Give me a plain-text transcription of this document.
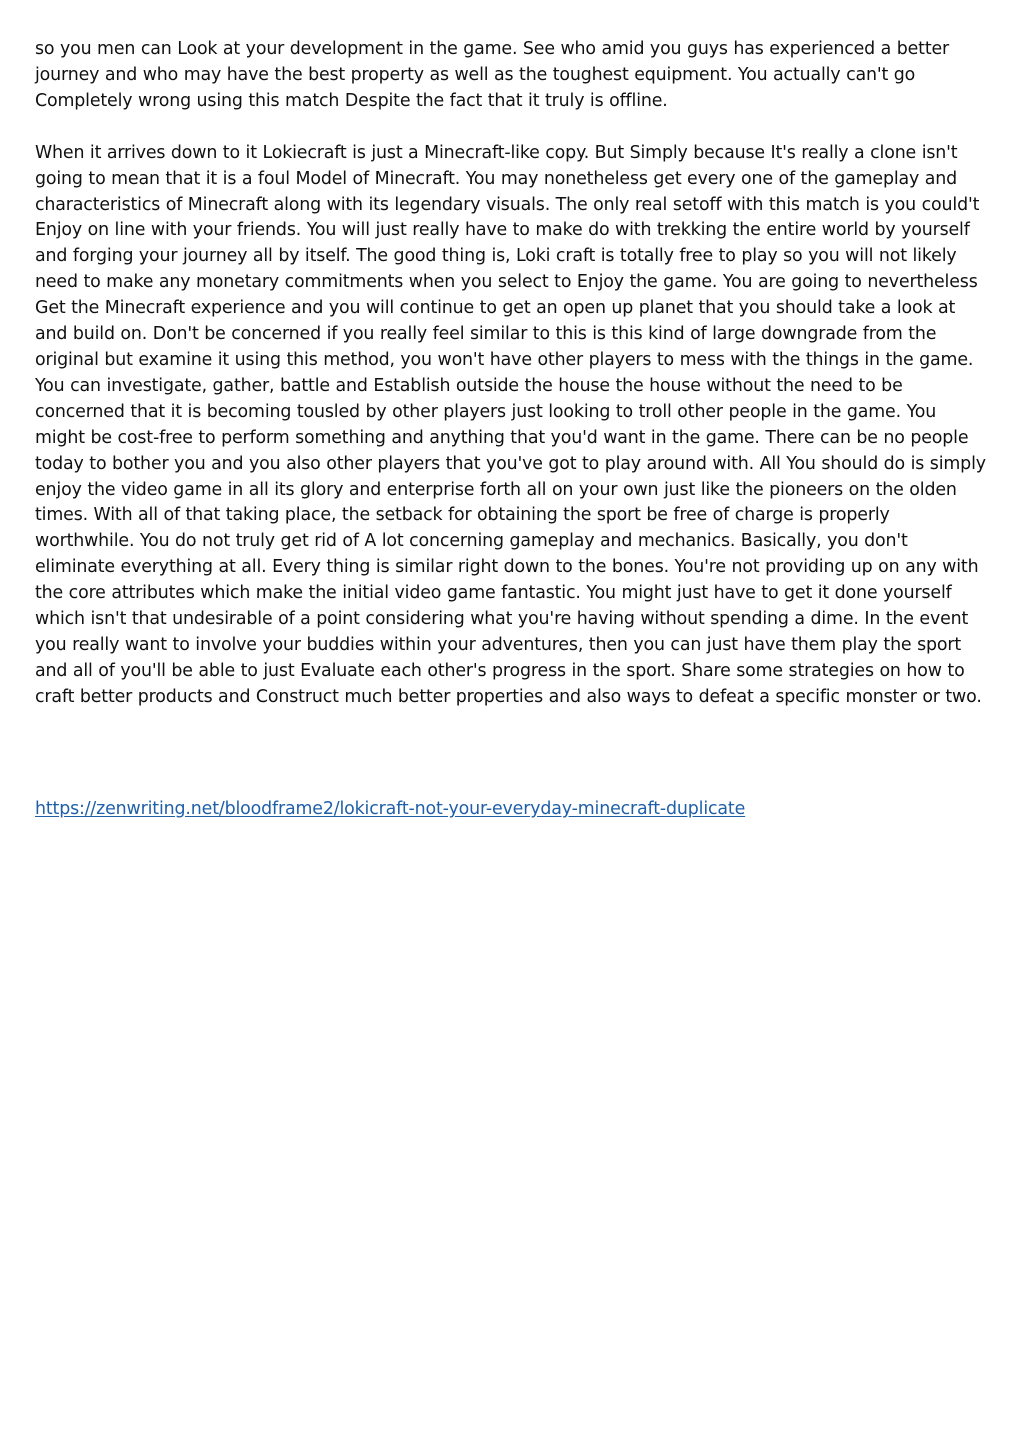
so you men can Look at your development in the game. See who amid you guys has experienced a better journey and who may have the best property as well as the toughest equipment. You actually can't go Completely wrong using this match Despite the fact that it truly is offline.

When it arrives down to it Lokiecraft is just a Minecraft-like copy. But Simply because It's really a clone isn't going to mean that it is a foul Model of Minecraft. You may nonetheless get every one of the gameplay and characteristics of Minecraft along with its legendary visuals. The only real setoff with this match is you could't Enjoy on line with your friends. You will just really have to make do with trekking the entire world by yourself and forging your journey all by itself. The good thing is, Loki craft is totally free to play so you will not likely need to make any monetary commitments when you select to Enjoy the game. You are going to nevertheless Get the Minecraft experience and you will continue to get an open up planet that you should take a look at and build on. Don't be concerned if you really feel similar to this is this kind of large downgrade from the original but examine it using this method, you won't have other players to mess with the things in the game. You can investigate, gather, battle and Establish outside the house the house without the need to be concerned that it is becoming tousled by other players just looking to troll other people in the game. You might be cost-free to perform something and anything that you'd want in the game. There can be no people today to bother you and you also other players that you've got to play around with. All You should do is simply enjoy the video game in all its glory and enterprise forth all on your own just like the pioneers on the olden times. With all of that taking place, the setback for obtaining the sport be free of charge is properly worthwhile. You do not truly get rid of A lot concerning gameplay and mechanics. Basically, you don't eliminate everything at all. Every thing is similar right down to the bones. You're not providing up on any with the core attributes which make the initial video game fantastic. You might just have to get it done yourself which isn't that undesirable of a point considering what you're having without spending a dime. In the event you really want to involve your buddies within your adventures, then you can just have them play the sport and all of you'll be able to just Evaluate each other's progress in the sport. Share some strategies on how to craft better products and Construct much better properties and also ways to defeat a specific monster or two.

https://zenwriting.net/bloodframe2/lokicraft-not-your-everyday-minecraft-duplicate
